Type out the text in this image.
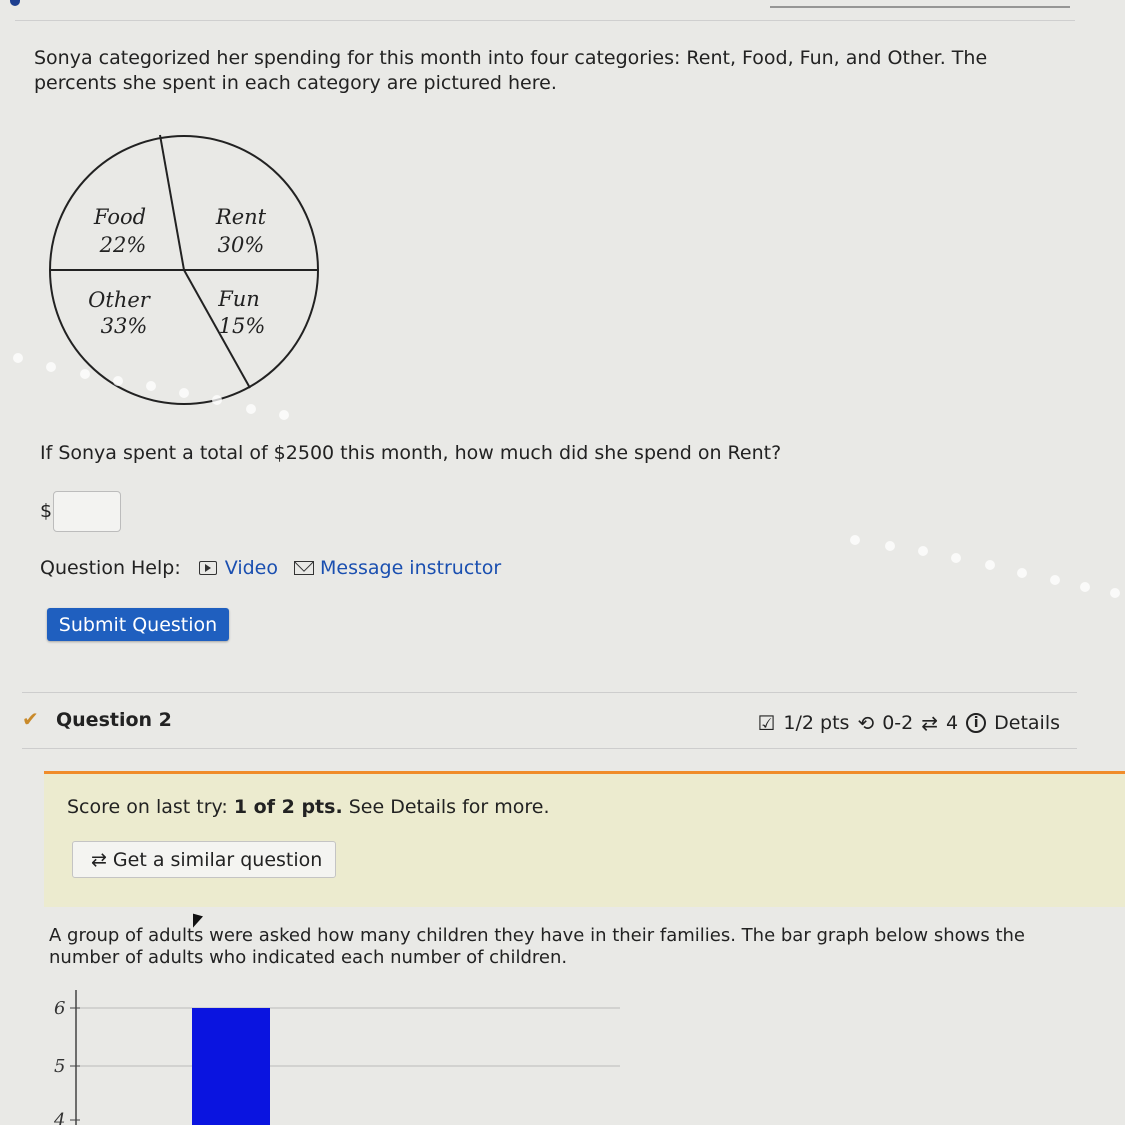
Sonya categorized her spending for this month into four categories: Rent, Food, Fun, and Other. The percents she spent in each category are pictured here.
Food
22%
Rent
30%
Other
33%
Fun
15%
If Sonya spent a total of $2500 this month, how much did she spend on Rent?
$
Question Help: Video Message instructor
Submit Question
✔ Question 2	☑ 1/2 pts ⟲ 0-2 ⇄ 4	i Details
Score on last try: 1 of 2 pts. See Details for more.
⇄ Get a similar question
A group of adults were asked how many children they have in their families. The bar graph below shows the number of adults who indicated each number of children.
6
5
4
